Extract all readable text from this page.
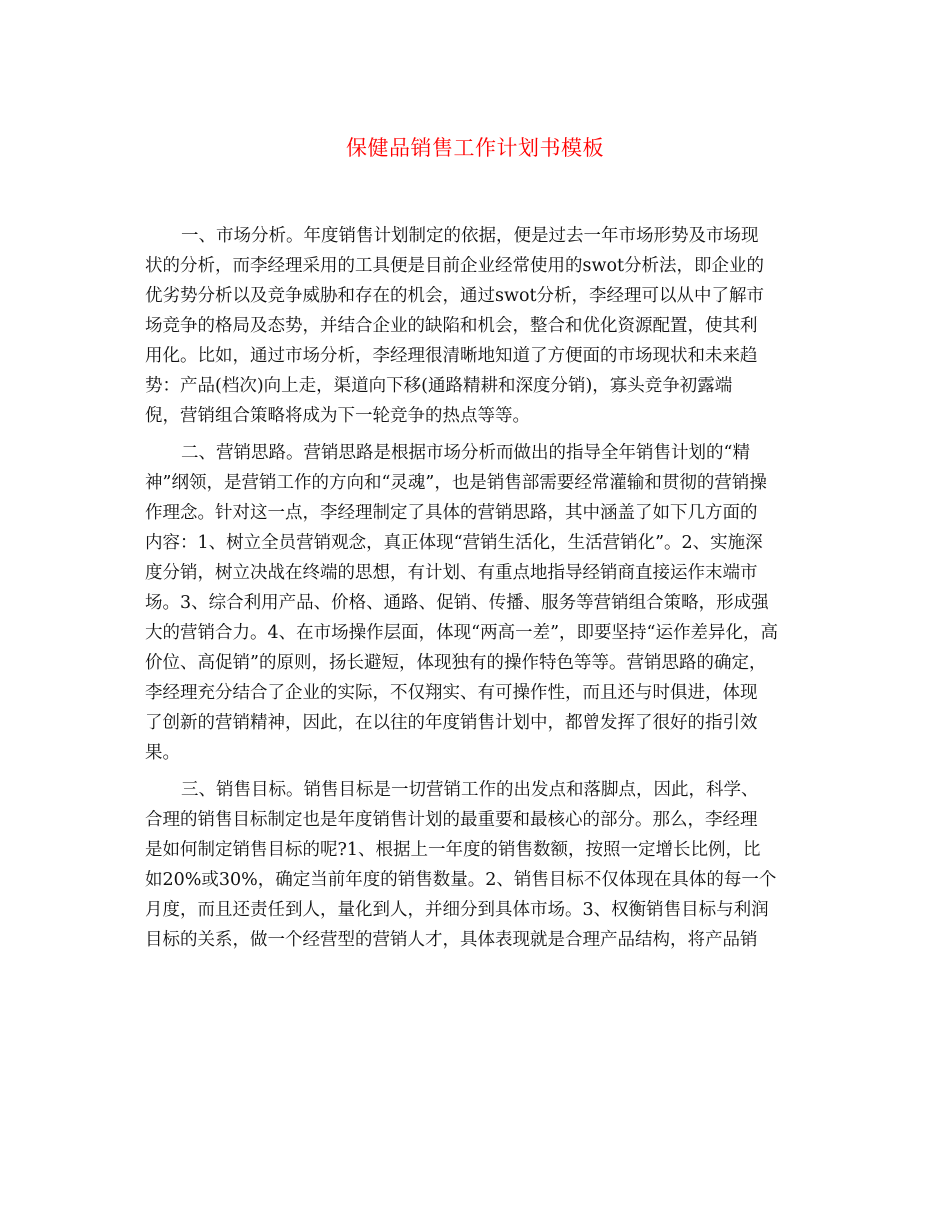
保健品销售工作计划书模板
一、市场分析。年度销售计划制定的依据，便是过去一年市场形势及市场现
状的分析，而李经理采用的工具便是目前企业经常使用的swot分析法，即企业的
优劣势分析以及竞争威胁和存在的机会，通过swot分析，李经理可以从中了解市
场竞争的格局及态势，并结合企业的缺陷和机会，整合和优化资源配置，使其利
用化。比如，通过市场分析，李经理很清晰地知道了方便面的市场现状和未来趋
势：产品(档次)向上走，渠道向下移(通路精耕和深度分销)，寡头竞争初露端
倪，营销组合策略将成为下一轮竞争的热点等等。
二、营销思路。营销思路是根据市场分析而做出的指导全年销售计划的“精
神”纲领，是营销工作的方向和“灵魂”，也是销售部需要经常灌输和贯彻的营销操
作理念。针对这一点，李经理制定了具体的营销思路，其中涵盖了如下几方面的
内容：1、树立全员营销观念，真正体现“营销生活化，生活营销化”。2、实施深
度分销，树立决战在终端的思想，有计划、有重点地指导经销商直接运作末端市
场。3、综合利用产品、价格、通路、促销、传播、服务等营销组合策略，形成强
大的营销合力。4、在市场操作层面，体现“两高一差”，即要坚持“运作差异化，高
价位、高促销”的原则，扬长避短，体现独有的操作特色等等。营销思路的确定，
李经理充分结合了企业的实际，不仅翔实、有可操作性，而且还与时俱进，体现
了创新的营销精神，因此，在以往的年度销售计划中，都曾发挥了很好的指引效
果。
三、销售目标。销售目标是一切营销工作的出发点和落脚点，因此，科学、
合理的销售目标制定也是年度销售计划的最重要和最核心的部分。那么，李经理
是如何制定销售目标的呢?1、根据上一年度的销售数额，按照一定增长比例，比
如20%或30%，确定当前年度的销售数量。2、销售目标不仅体现在具体的每一个
月度，而且还责任到人，量化到人，并细分到具体市场。3、权衡销售目标与利润
目标的关系，做一个经营型的营销人才，具体表现就是合理产品结构，将产品销
